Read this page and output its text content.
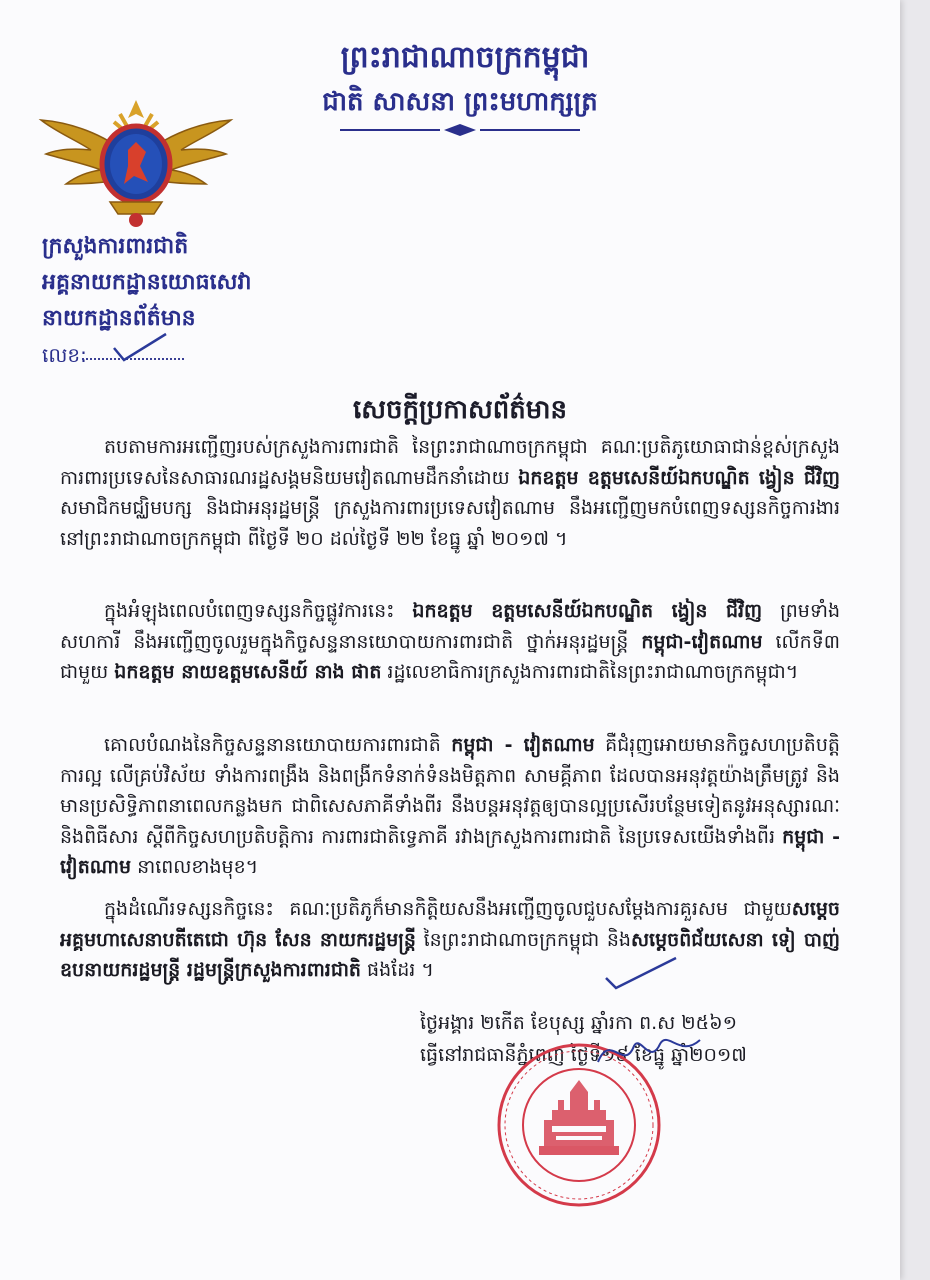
ព្រះរាជាណាចក្រកម្ពុជា
ជាតិ សាសនា ព្រះមហាក្សត្រ
ក្រសួងការពារជាតិ
អគ្គនាយកដ្ឋានយោធសេវា
នាយកដ្ឋានព័ត៌មាន
លេខ:
សេចក្ដីប្រកាសព័ត៌មាន
តបតាមការអញ្ជើញរបស់ក្រសួងការពារជាតិ នៃព្រះរាជាណាចក្រកម្ពុជា គណៈប្រតិភូយោធាជាន់ខ្ពស់ក្រសួងការពារប្រទេសនៃសាធារណរដ្ឋសង្គមនិយមវៀតណាមដឹកនាំដោយ ឯកឧត្តម ឧត្តមសេនីយ៍ឯកបណ្ឌិត ង្វៀន ជីវិញ សមាជិកមជ្ឈិមបក្ស និងជាអនុរដ្ឋមន្ត្រី ក្រសួងការពារប្រទេសវៀតណាម នឹងអញ្ជើញមកបំពេញទស្សនកិច្ចការងារនៅព្រះរាជាណាចក្រកម្ពុជា ពីថ្ងៃទី ២០ ដល់ថ្ងៃទី ២២ ខែធ្នូ ឆ្នាំ ២០១៧ ។
ក្នុងអំឡុងពេលបំពេញទស្សនកិច្ចផ្លូវការនេះ ឯកឧត្តម ឧត្តមសេនីយ៍ឯកបណ្ឌិត ង្វៀន ជីវិញ ព្រមទាំងសហការី នឹងអញ្ជើញចូលរួមក្នុងកិច្ចសន្ទនានយោបាយការពារជាតិ ថ្នាក់អនុរដ្ឋមន្ត្រី កម្ពុជា-វៀតណាម លើកទី៣ ជាមួយ ឯកឧត្តម នាយឧត្តមសេនីយ៍ នាង ផាត រដ្ឋលេខាធិការក្រសួងការពារជាតិនៃព្រះរាជាណាចក្រកម្ពុជា។
គោលបំណងនៃកិច្ចសន្ទនានយោបាយការពារជាតិ កម្ពុជា - វៀតណាម គឺជំរុញអោយមានកិច្ចសហប្រតិបត្តិការល្អ លើគ្រប់វិស័យ ទាំងការពង្រឹង និងពង្រីកទំនាក់ទំនងមិត្តភាព សាមគ្គីភាព ដែលបានអនុវត្តយ៉ាងត្រឹមត្រូវ និងមានប្រសិទ្ធិភាពនាពេលកន្លងមក ជាពិសេសភាគីទាំងពីរ នឹងបន្តអនុវត្តឲ្យបានល្អប្រសើរបន្ថែមទៀតនូវអនុស្សារណៈ និងពិធីសារ ស្ដីពីកិច្ចសហប្រតិបត្តិការ ការពារជាតិទ្វេភាគី រវាងក្រសួងការពារជាតិ នៃប្រទេសយើងទាំងពីរ កម្ពុជា - វៀតណាម នាពេលខាងមុខ។
ក្នុងដំណើរទស្សនកិច្ចនេះ គណៈប្រតិភូក៏មានកិត្តិយសនឹងអញ្ជើញចូលជួបសម្ដែងការគួរសម ជាមួយសម្ដេចអគ្គមហាសេនាបតីតេជោ ហ៊ុន សែន នាយករដ្ឋមន្ត្រី នៃព្រះរាជាណាចក្រកម្ពុជា និងសម្ដេចពិជ័យសេនា ទៀ បាញ់ ឧបនាយករដ្ឋមន្ត្រី រដ្ឋមន្ត្រីក្រសួងការពារជាតិ ផងដែរ ។
ថ្ងៃអង្គារ ២កើត ខែបុស្ស ឆ្នាំរកា ព.ស ២៥៦១
ធ្វើនៅរាជធានីភ្នំពេញ ថ្ងៃទី១៩ ខែធ្នូ ឆ្នាំ២០១៧
